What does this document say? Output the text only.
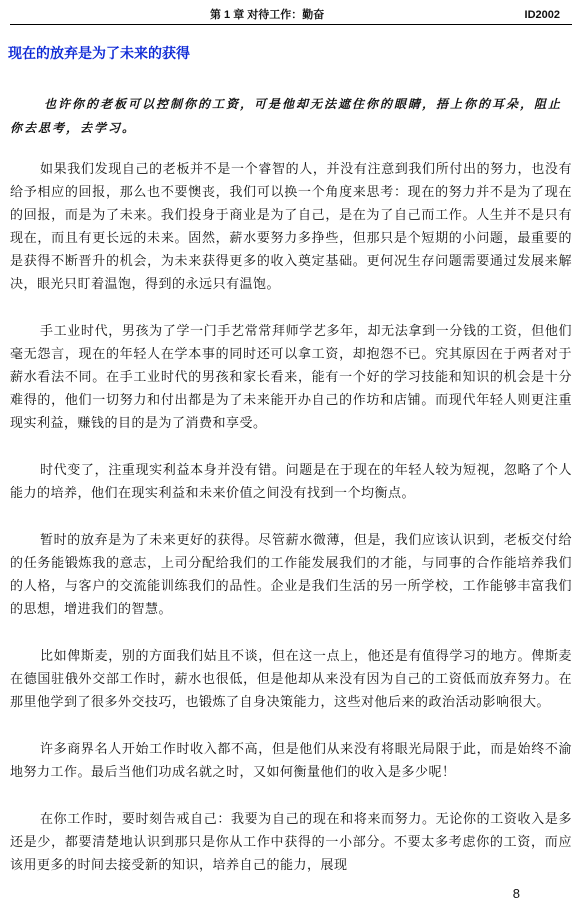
第 1 章 对待工作：勤奋	ID2002
现在的放弃是为了未来的获得

也许你的老板可以控制你的工资，可是他却无法遮住你的眼睛，捂上你的耳朵，阻止你去思考，去学习。

如果我们发现自己的老板并不是一个睿智的人，并没有注意到我们所付出的努力，也没有给予相应的回报，那么也不要懊丧，我们可以换一个角度来思考：现在的努力并不是为了现在的回报，而是为了未来。我们投身于商业是为了自己，是在为了自己而工作。人生并不是只有现在，而且有更长远的未来。固然，薪水要努力多挣些，但那只是个短期的小问题，最重要的是获得不断晋升的机会，为未来获得更多的收入奠定基础。更何况生存问题需要通过发展来解决，眼光只盯着温饱，得到的永远只有温饱。

手工业时代，男孩为了学一门手艺常常拜师学艺多年，却无法拿到一分钱的工资，但他们毫无怨言，现在的年轻人在学本事的同时还可以拿工资，却抱怨不已。究其原因在于两者对于薪水看法不同。在手工业时代的男孩和家长看来，能有一个好的学习技能和知识的机会是十分难得的，他们一切努力和付出都是为了未来能开办自己的作坊和店铺。而现代年轻人则更注重现实利益，赚钱的目的是为了消费和享受。

时代变了，注重现实利益本身并没有错。问题是在于现在的年轻人较为短视，忽略了个人能力的培养，他们在现实利益和未来价值之间没有找到一个均衡点。

暂时的放弃是为了未来更好的获得。尽管薪水微薄，但是，我们应该认识到，老板交付给的任务能锻炼我的意志，上司分配给我们的工作能发展我们的才能，与同事的合作能培养我们的人格，与客户的交流能训练我们的品性。企业是我们生活的另一所学校，工作能够丰富我们的思想，增进我们的智慧。

比如俾斯麦，别的方面我们姑且不谈，但在这一点上，他还是有值得学习的地方。俾斯麦在德国驻俄外交部工作时，薪水也很低，但是他却从来没有因为自己的工资低而放弃努力。在那里他学到了很多外交技巧，也锻炼了自身决策能力，这些对他后来的政治活动影响很大。

许多商界名人开始工作时收入都不高，但是他们从来没有将眼光局限于此，而是始终不渝地努力工作。最后当他们功成名就之时，又如何衡量他们的收入是多少呢！

在你工作时，要时刻告戒自己：我要为自己的现在和将来而努力。无论你的工资收入是多还是少，都要清楚地认识到那只是你从工作中获得的一小部分。不要太多考虑你的工资，而应该用更多的时间去接受新的知识，培养自己的能力，展现

8
